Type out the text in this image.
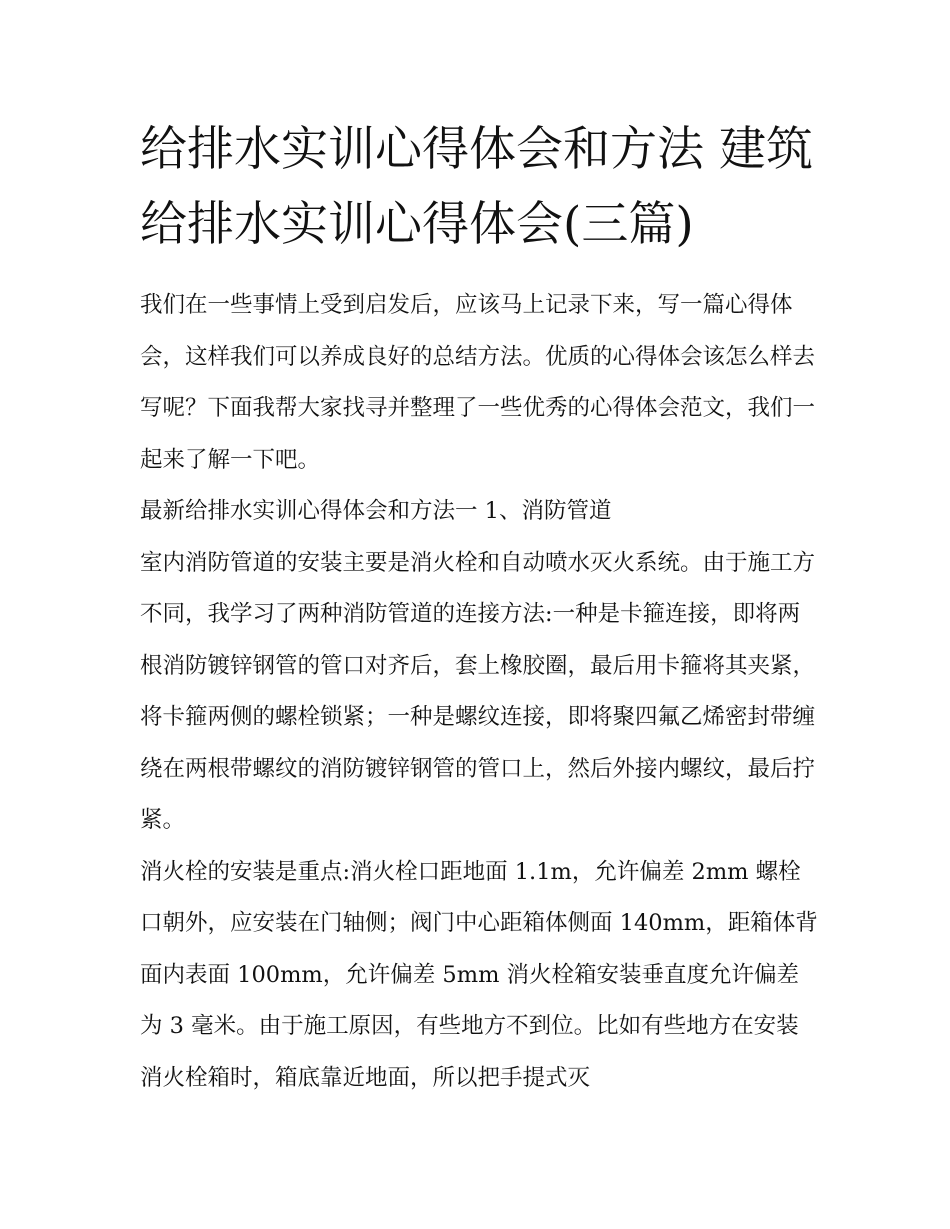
给排水实训心得体会和方法 建筑给排水实训心得体会(三篇)

我们在一些事情上受到启发后，应该马上记录下来，写一篇心得体会，这样我们可以养成良好的总结方法。优质的心得体会该怎么样去写呢？下面我帮大家找寻并整理了一些优秀的心得体会范文，我们一起来了解一下吧。

最新给排水实训心得体会和方法一 1、消防管道

室内消防管道的安装主要是消火栓和自动喷水灭火系统。由于施工方不同，我学习了两种消防管道的连接方法:一种是卡箍连接，即将两根消防镀锌钢管的管口对齐后，套上橡胶圈，最后用卡箍将其夹紧，将卡箍两侧的螺栓锁紧；一种是螺纹连接，即将聚四氟乙烯密封带缠绕在两根带螺纹的消防镀锌钢管的管口上，然后外接内螺纹，最后拧紧。

消火栓的安装是重点:消火栓口距地面 1.1m，允许偏差 2mm 螺栓口朝外，应安装在门轴侧；阀门中心距箱体侧面 140mm，距箱体背面内表面 100mm，允许偏差 5mm 消火栓箱安装垂直度允许偏差为 3 毫米。由于施工原因，有些地方不到位。比如有些地方在安装消火栓箱时，箱底靠近地面，所以把手提式灭
